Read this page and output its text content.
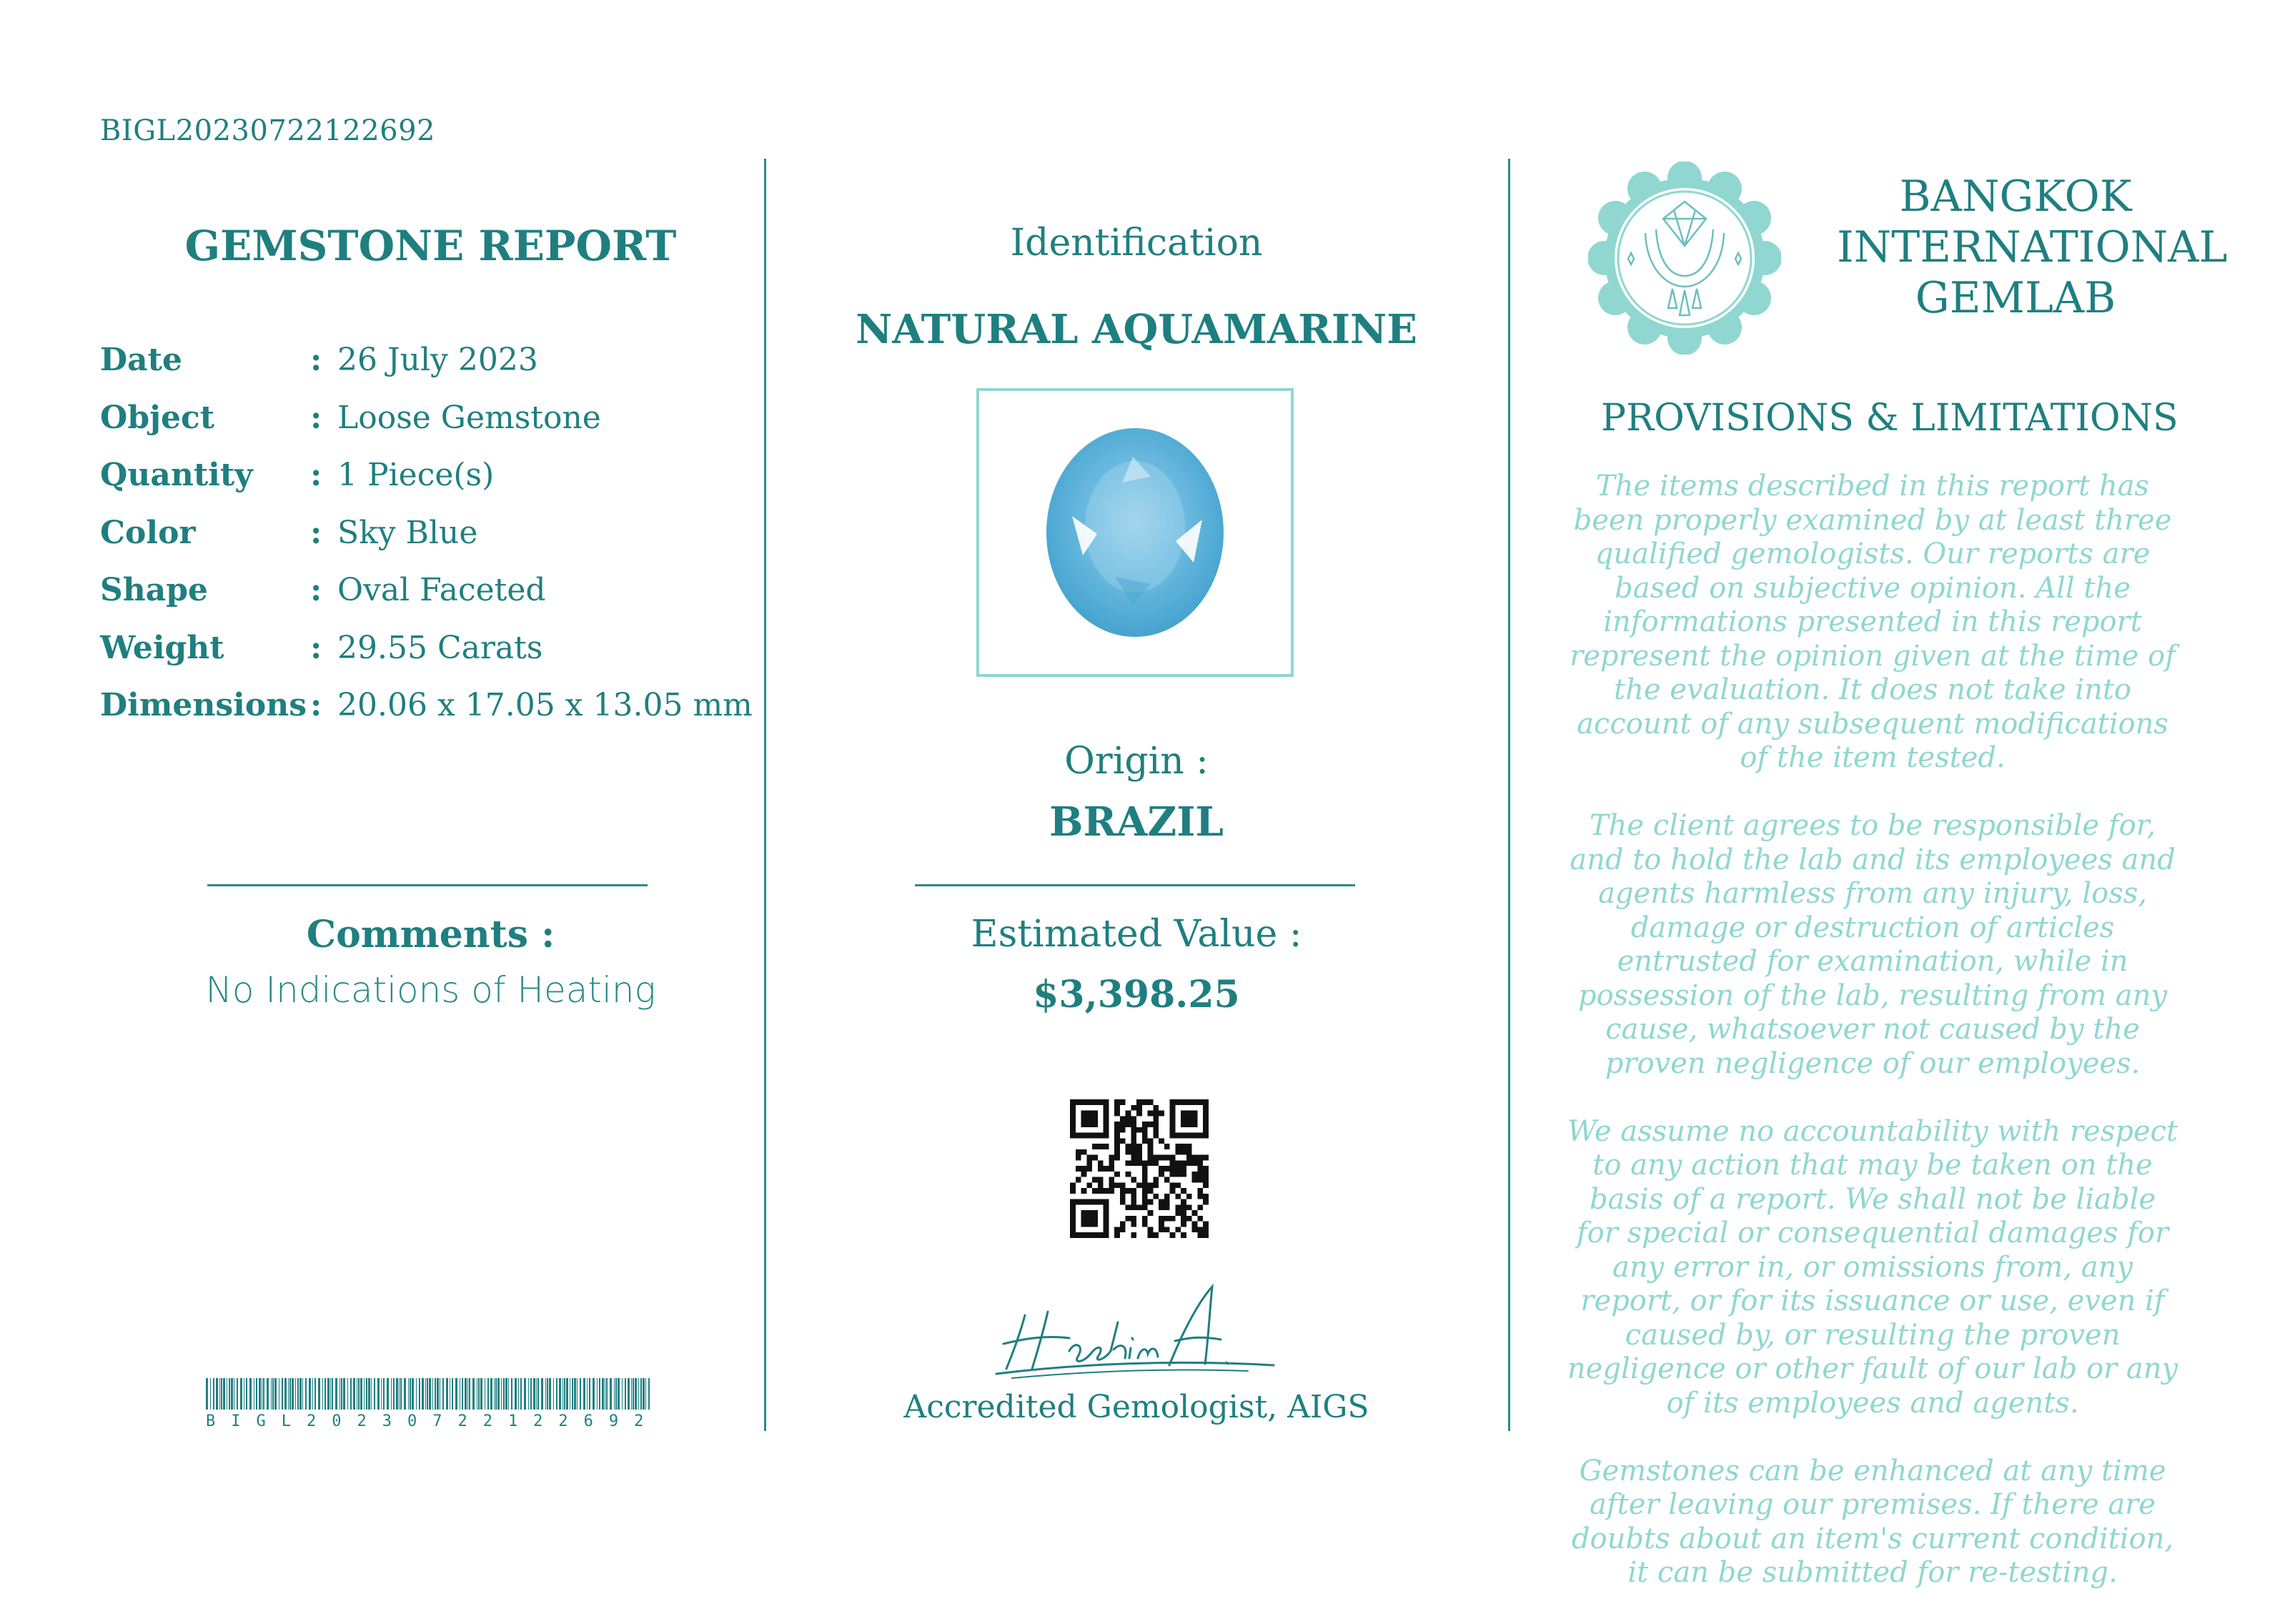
BIGL20230722122692
GEMSTONE REPORT
Date	: 26 July 2023
Object	: Loose Gemstone
Quantity : 1 Piece(s)
Color	: Sky Blue
Shape	: Oval Faceted
Weight	: 29.55 Carats
Dimensions : 20.06 x 17.05 x 13.05 mm
Comments :
No Indications of Heating
BIGL20230722122692
Identification
NATURAL AQUAMARINE
Origin :
BRAZIL
Estimated Value :
$3,398.25
Accredited Gemologist, AIGS
BANGKOK
INTERNATIONAL
GEMLAB
PROVISIONS & LIMITATIONS

The items described in this report has been properly examined by at least three qualified gemologists. Our reports are based on subjective opinion. All the informations presented in this report represent the opinion given at the time of the evaluation. It does not take into account of any subsequent modifications of the item tested.

The client agrees to be responsible for, and to hold the lab and its employees and agents harmless from any injury, loss, damage or destruction of articles entrusted for examination, while in possession of the lab, resulting from any cause, whatsoever not caused by the proven negligence of our employees.

We assume no accountability with respect to any action that may be taken on the basis of a report. We shall not be liable for special or consequential damages for any error in, or omissions from, any report, or for its issuance or use, even if caused by, or resulting the proven negligence or other fault of our lab or any of its employees and agents.

Gemstones can be enhanced at any time after leaving our premises. If there are doubts about an item's current condition, it can be submitted for re-testing.
